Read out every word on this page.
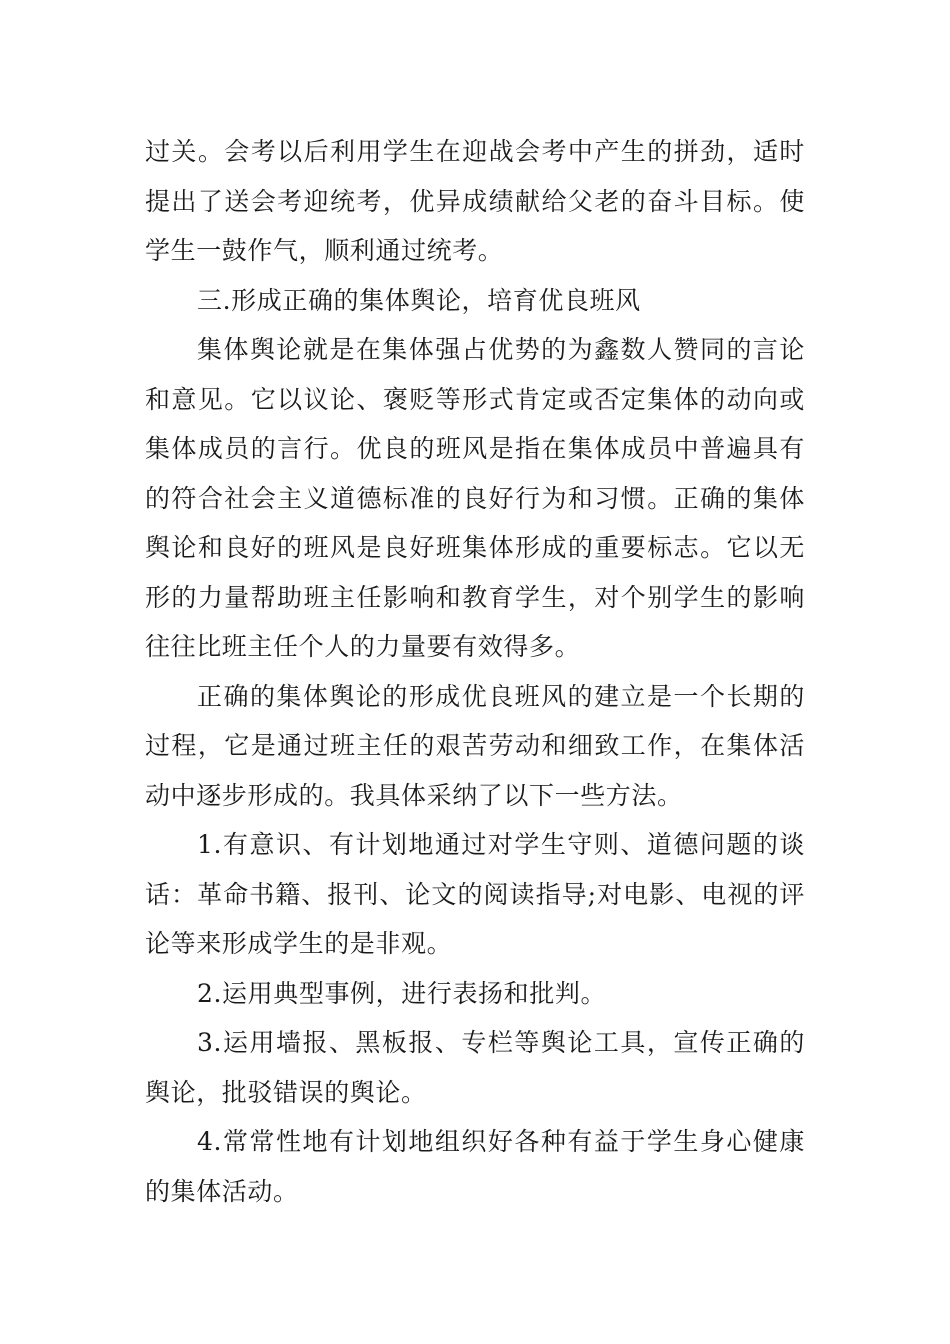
过关。会考以后利用学生在迎战会考中产生的拼劲，适时提出了送会考迎统考，优异成绩献给父老的奋斗目标。使学生一鼓作气，顺利通过统考。

三.形成正确的集体舆论，培育优良班风

集体舆论就是在集体强占优势的为鑫数人赞同的言论和意见。它以议论、褒贬等形式肯定或否定集体的动向或集体成员的言行。优良的班风是指在集体成员中普遍具有的符合社会主义道德标准的良好行为和习惯。正确的集体舆论和良好的班风是良好班集体形成的重要标志。它以无形的力量帮助班主任影响和教育学生，对个别学生的影响往往比班主任个人的力量要有效得多。

正确的集体舆论的形成优良班风的建立是一个长期的过程，它是通过班主任的艰苦劳动和细致工作，在集体活动中逐步形成的。我具体采纳了以下一些方法。

1.有意识、有计划地通过对学生守则、道德问题的谈话：革命书籍、报刊、论文的阅读指导;对电影、电视的评论等来形成学生的是非观。

2.运用典型事例，进行表扬和批判。

3.运用墙报、黑板报、专栏等舆论工具，宣传正确的舆论，批驳错误的舆论。

4.常常性地有计划地组织好各种有益于学生身心健康的集体活动。
